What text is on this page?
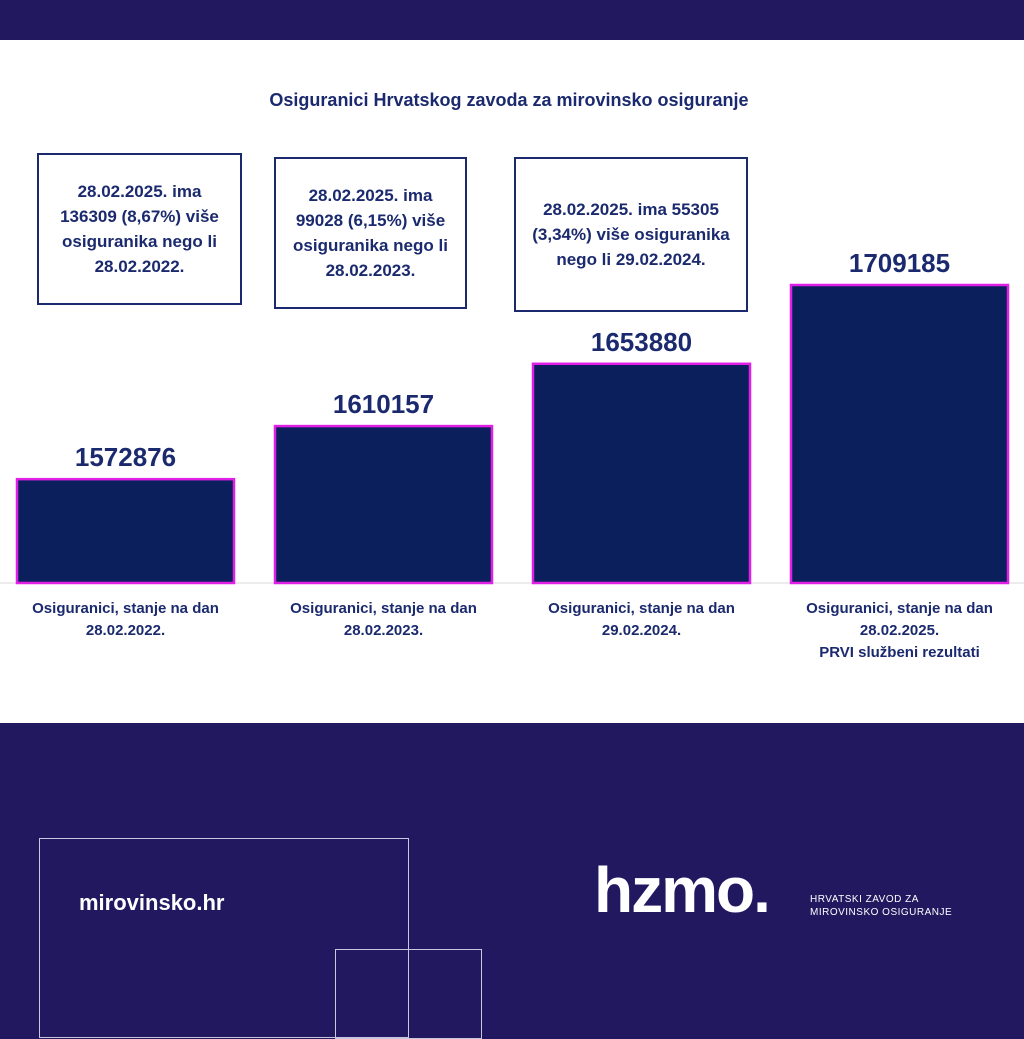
Osiguranici Hrvatskog zavoda za mirovinsko osiguranje
28.02.2025. ima 136309 (8,67%) više osiguranika nego li 28.02.2022.
28.02.2025. ima 99028 (6,15%) više osiguranika nego li 28.02.2023.
28.02.2025. ima 55305 (3,34%) više osiguranika nego li 29.02.2024.
1572876
1610157
1653880
1709185
Osiguranici, stanje na dan
28.02.2022.
Osiguranici, stanje na dan
28.02.2023.
Osiguranici, stanje na dan
29.02.2024.
Osiguranici, stanje na dan
28.02.2025.
PRVI službeni rezultati
mirovinsko.hr	hzmo.	HRVATSKI ZAVOD ZA MIROVINSKO OSIGURANJE
